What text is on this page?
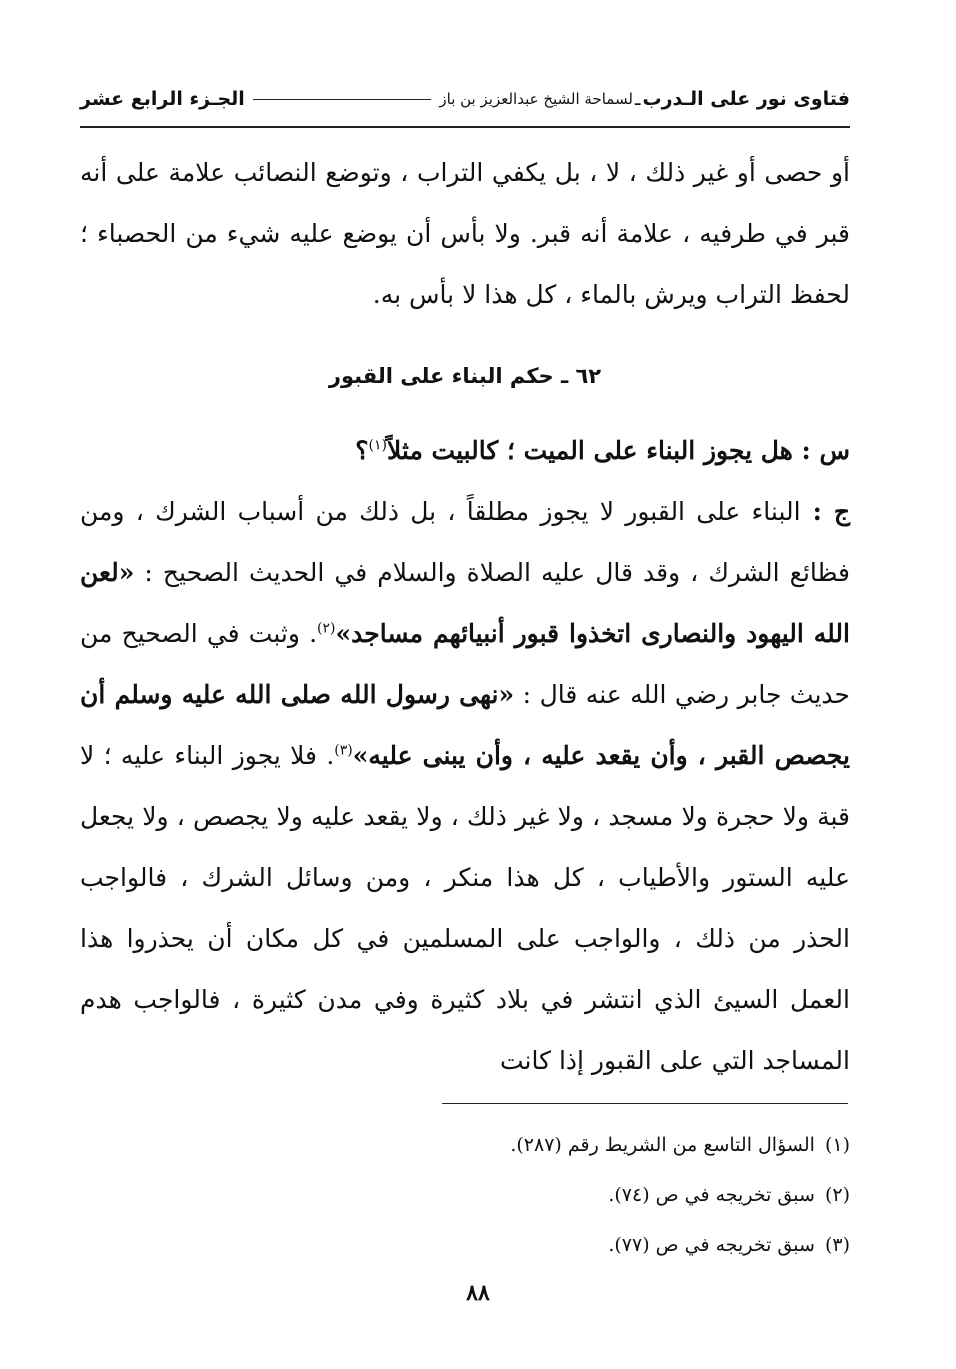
فتاوى نور على الـدرب
ـ
لسماحة الشيخ عبدالعزيز بن باز
الجـزء الرابع عشر

أو حصى أو غير ذلك ، لا ، بل يكفي التراب ، وتوضع النصائب علامة على أنه قبر في طرفيه ، علامة أنه قبر. ولا بأس أن يوضع عليه شيء من الحصباء ؛ لحفظ التراب ويرش بالماء ، كل هذا لا بأس به.

٦٢ ـ حكم البناء على القبور

س : هل يجوز البناء على الميت ؛ كالبيت مثلاً$^{(١)}$؟

ج : البناء على القبور لا يجوز مطلقاً ، بل ذلك من أسباب الشرك ، ومن فظائع الشرك ، وقد قال عليه الصلاة والسلام في الحديث الصحيح : «لعن الله اليهود والنصارى اتخذوا قبور أنبيائهم مساجد»$^{(٢)}$. وثبت في الصحيح من حديث جابر رضي الله عنه قال : «نهى رسول الله صلى الله عليه وسلم أن يجصص القبر ، وأن يقعد عليه ، وأن يبنى عليه»$^{(٣)}$. فلا يجوز البناء عليه ؛ لا قبة ولا حجرة ولا مسجد ، ولا غير ذلك ، ولا يقعد عليه ولا يجصص ، ولا يجعل عليه الستور والأطياب ، كل هذا منكر ، ومن وسائل الشرك ، فالواجب الحذر من ذلك ، والواجب على المسلمين في كل مكان أن يحذروا هذا العمل السيئ الذي انتشر في بلاد كثيرة وفي مدن كثيرة ، فالواجب هدم المساجد التي على القبور إذا كانت

(١)السؤال التاسع من الشريط رقم (٢٨٧).
(٢)سبق تخريجه في ص (٧٤).
(٣)سبق تخريجه في ص (٧٧).
٨٨
